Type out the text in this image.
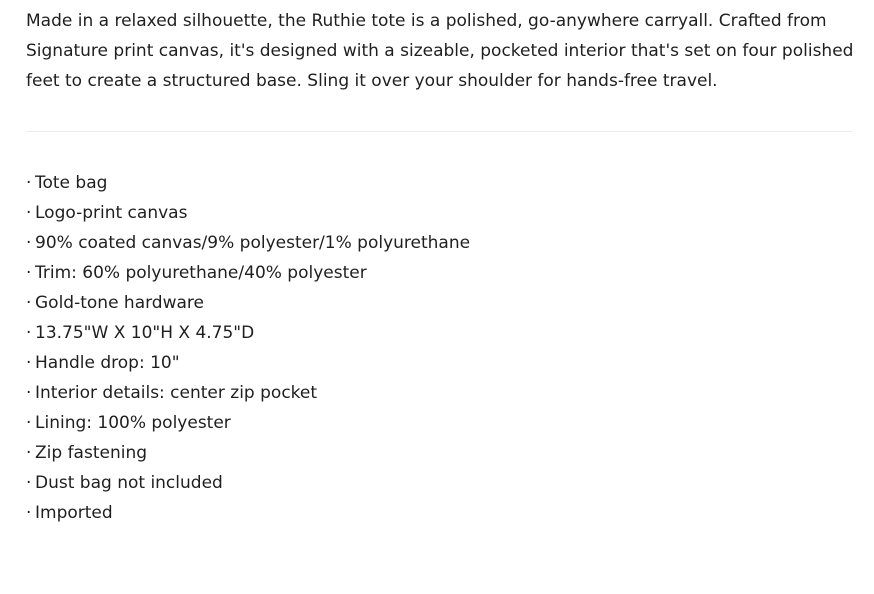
Made in a relaxed silhouette, the Ruthie tote is a polished, go-anywhere carryall. Crafted from Signature print canvas, it's designed with a sizeable, pocketed interior that's set on four polished feet to create a structured base. Sling it over your shoulder for hands-free travel.

· Tote bag
· Logo-print canvas
· 90% coated canvas/9% polyester/1% polyurethane
· Trim: 60% polyurethane/40% polyester
· Gold-tone hardware
· 13.75"W X 10"H X 4.75"D
· Handle drop: 10"
· Interior details: center zip pocket
· Lining: 100% polyester
· Zip fastening
· Dust bag not included
· Imported
